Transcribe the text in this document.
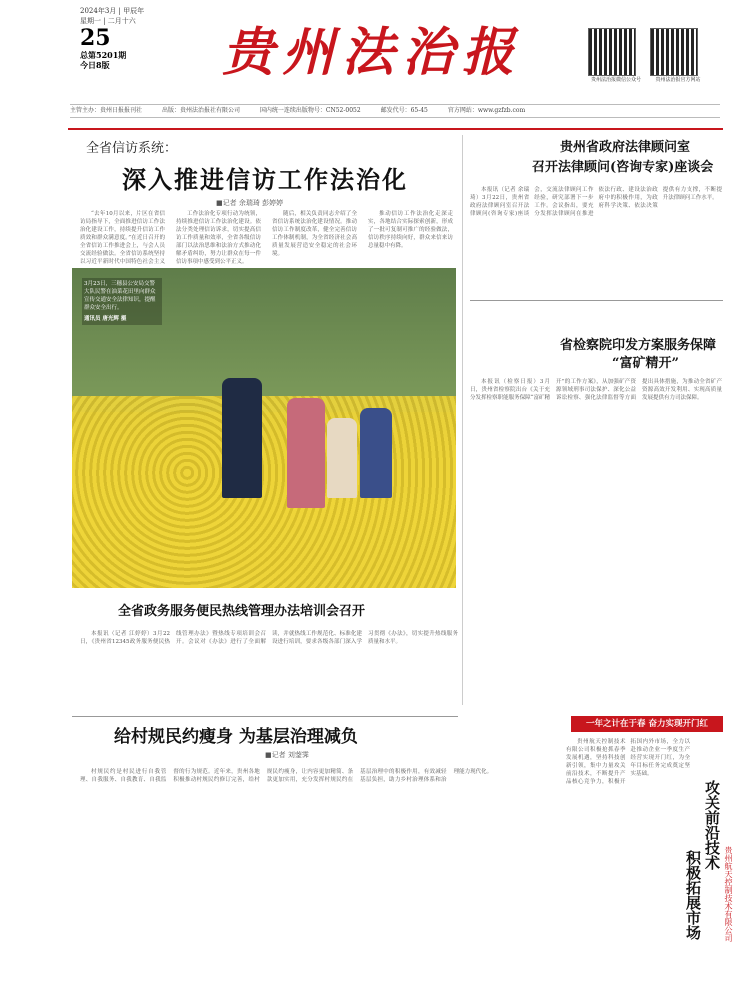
2024年3月 | 甲辰年
星期一 | 二月十六
25
总第5201期
今日8版	贵州法治报	贵州法治报微信公众号	贵州法治报官方网站
主管主办：贵州日报报刊社	出版：贵州法治报社有限公司	国内统一连续出版物号：CN52-0052	邮发代号：65-45	官方网站：www.gzfzb.com
全省信访系统：
深入推进信访工作法治化
■记者 余瑞琦 彭婷婷

“去年10月以来，片区在省信访局指导下，全面推进信访工作法治化建设工作，持续提升信访工作质效和群众满意度。”在近日召开的全省信访工作推进会上，与会人员交流经验做法。全省信访系统坚持以习近平新时代中国特色社会主义

工作法治化专项行动为统领，持续推进信访工作法治化建设。依法分类处理信访诉求，切实提高信访工作质量和效率，全省各级信访部门以法治思维和法治方式推动化解矛盾纠纷，努力让群众在每一件信访事项中感受到公平正义。

随后，相关负责同志介绍了全省信访系统法治化建设情况。推动信访工作制度改革，健全完善信访工作体制机制，为全省经济社会高质量发展营造安全稳定的社会环境。

推动信访工作法治化走深走实，各地结合实际探索创新，形成了一批可复制可推广的经验做法，信访秩序持续向好，群众来信来访总量稳中有降。

3月23日，三穗县公安局交警大队民警在油菜花田里向群众宣传交通安全法律知识，提醒群众安全出行。
通讯员 唐光辉 摄
贵州省政府法律顾问室
召开法律顾问(咨询专家)座谈会

本报讯（记者 余瑞琦）3月22日，贵州省政府法律顾问室召开法律顾问(咨询专家)座谈会，交流法律顾问工作经验，研究部署下一步工作。会议指出，要充分发挥法律顾问在推进依法行政、建设法治政府中的积极作用，为政府科学决策、依法决策提供有力支撑，不断提升法律顾问工作水平。

省检察院印发方案服务保障
“富矿精开”

本报讯（检察日报）3月日，贵州省检察院出台《关于充分发挥检察职能服务保障“富矿精开”的工作方案》，从加强矿产资源领域刑事司法保护、深化公益诉讼检察、强化法律监督等方面提出具体措施，为推动全省矿产资源高效开发利用、实现高质量发展提供有力司法保障。

全省政务服务便民热线管理办法培训会召开

本报讯（记者 江婷婷）3月22日，《贵州省12345政务服务便民热线管理办法》暨热线专项培训会召开。会议对《办法》进行了全面解读，并就热线工作规范化、标准化建设进行培训，要求各级各部门深入学习贯彻《办法》，切实提升热线服务质量和水平。

给村规民约瘦身 为基层治理减负
■记者 刘蓥霁

村规民约是村民进行自我管理、自我服务、自我教育、自我监督的行为规范。近年来，贵州各地积极推动村规民约修订完善，给村规民约瘦身，让内容更加精简、条款更加实用，充分发挥村规民约在基层治理中的积极作用，有效减轻基层负担，助力乡村治理体系和治理能力现代化。

一年之计在于春 奋力实现开门红

贵州航天控制技术有限公司积极抢抓春季发展机遇，坚持科技创新引领，集中力量攻关前沿技术，不断提升产品核心竞争力，积极开拓国内外市场，全力以赴推动企业一季度生产经营实现开门红，为全年目标任务完成奠定坚实基础。

攻关前沿技术
积极拓展市场	贵州航天控制技术有限公司
